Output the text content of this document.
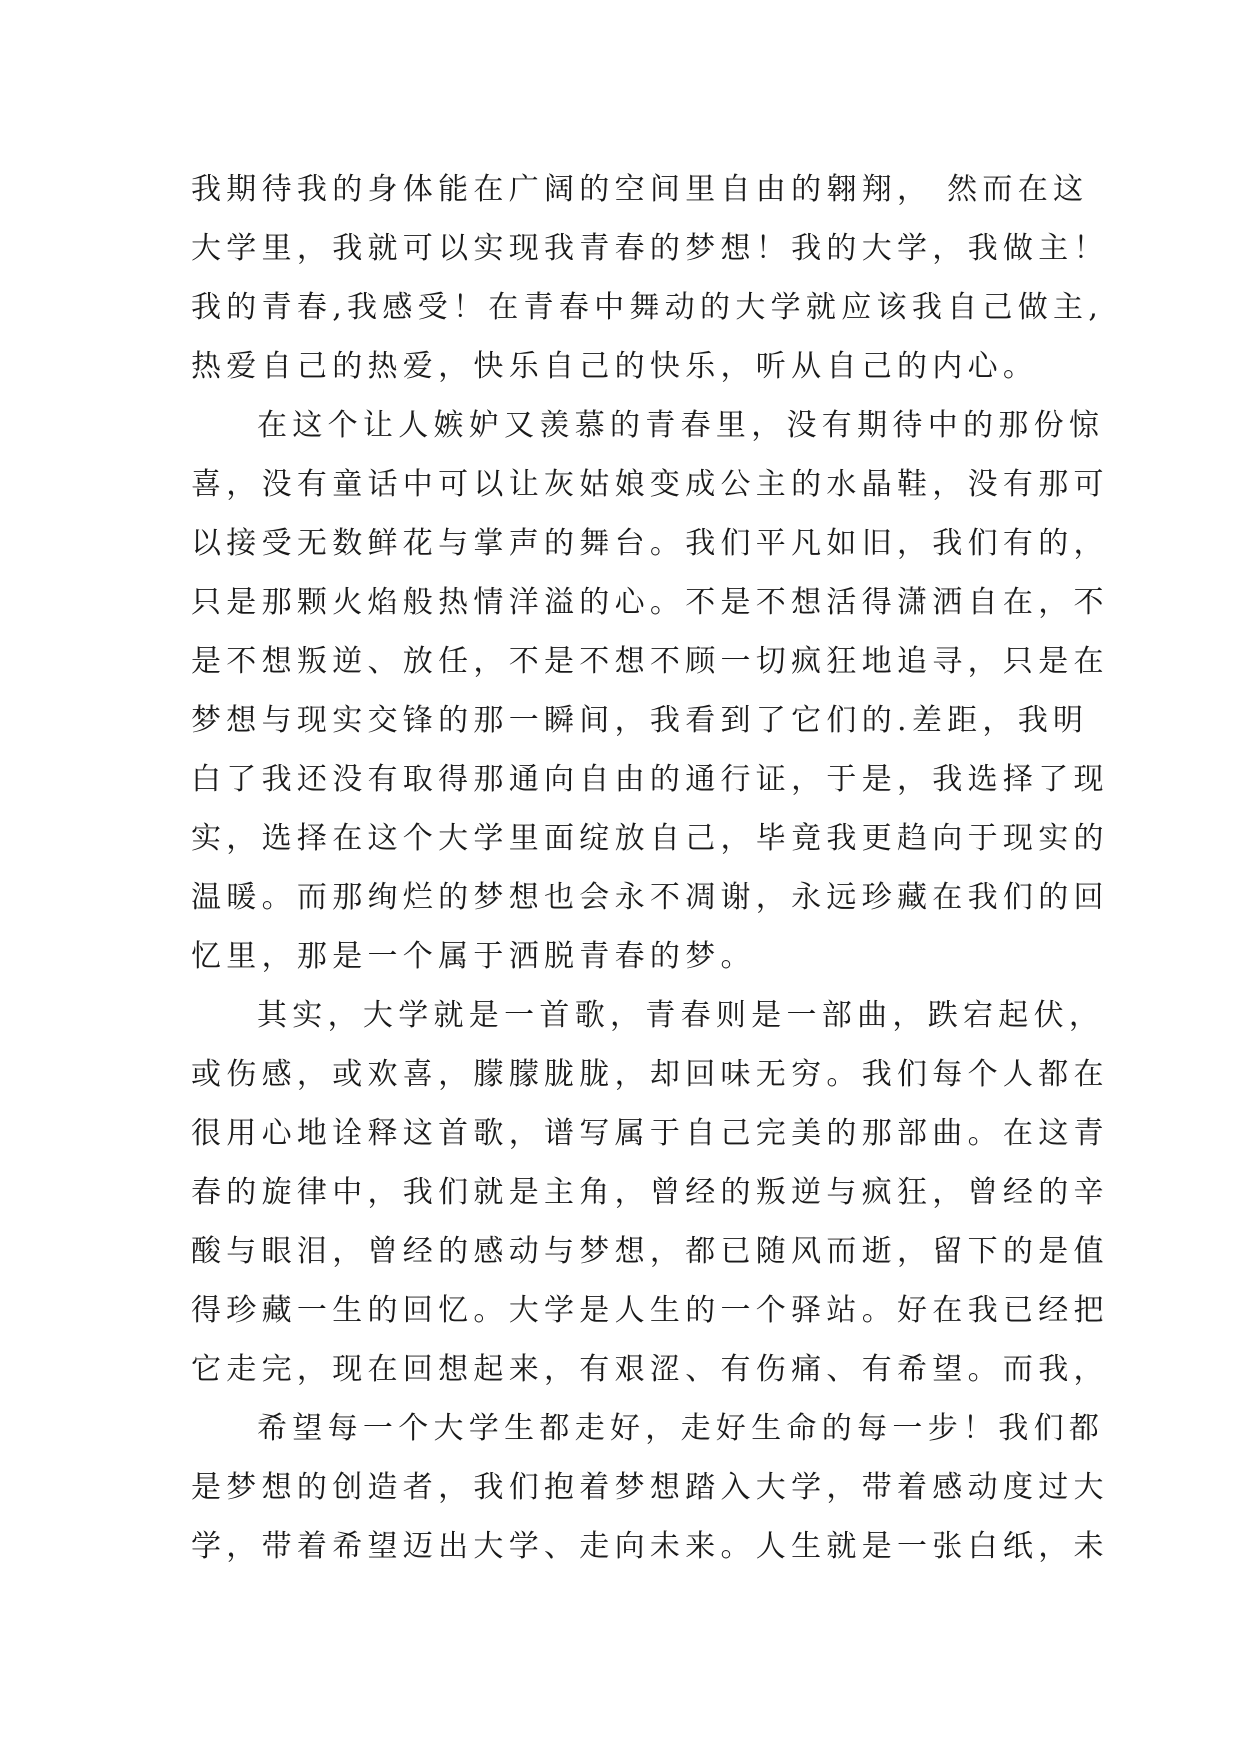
我期待我的身体能在广阔的空间里自由的翱翔， 然而在这
大学里，我就可以实现我青春的梦想！我的大学，我做主！
我的青春,我感受！在青春中舞动的大学就应该我自己做主,
热爱自己的热爱，快乐自己的快乐，听从自己的内心。
在这个让人嫉妒又羡慕的青春里，没有期待中的那份惊
喜，没有童话中可以让灰姑娘变成公主的水晶鞋，没有那可
以接受无数鲜花与掌声的舞台。我们平凡如旧，我们有的，
只是那颗火焰般热情洋溢的心。不是不想活得潇洒自在，不
是不想叛逆、放任，不是不想不顾一切疯狂地追寻，只是在
梦想与现实交锋的那一瞬间，我看到了它们的.差距，我明
白了我还没有取得那通向自由的通行证，于是，我选择了现
实，选择在这个大学里面绽放自己，毕竟我更趋向于现实的
温暖。而那绚烂的梦想也会永不凋谢，永远珍藏在我们的回
忆里，那是一个属于洒脱青春的梦。
其实，大学就是一首歌，青春则是一部曲，跌宕起伏，
或伤感，或欢喜，朦朦胧胧，却回味无穷。我们每个人都在
很用心地诠释这首歌，谱写属于自己完美的那部曲。在这青
春的旋律中，我们就是主角，曾经的叛逆与疯狂，曾经的辛
酸与眼泪，曾经的感动与梦想，都已随风而逝，留下的是值
得珍藏一生的回忆。大学是人生的一个驿站。好在我已经把
它走完，现在回想起来，有艰涩、有伤痛、有希望。而我，
希望每一个大学生都走好，走好生命的每一步！我们都
是梦想的创造者，我们抱着梦想踏入大学，带着感动度过大
学，带着希望迈出大学、走向未来。人生就是一张白纸，未
